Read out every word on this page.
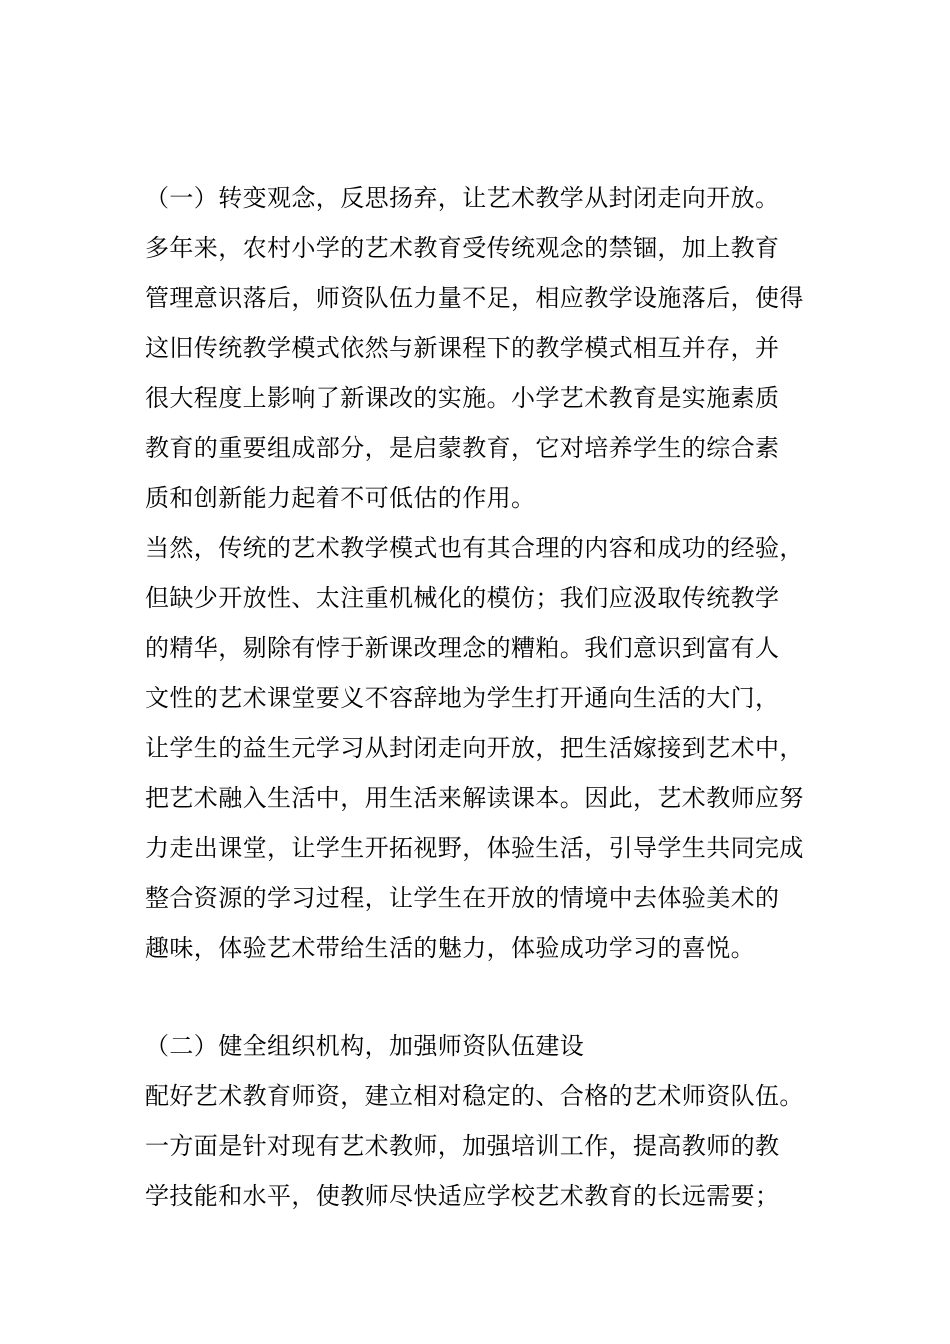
（一）转变观念，反思扬弃，让艺术教学从封闭走向开放。
多年来，农村小学的艺术教育受传统观念的禁锢，加上教育
管理意识落后，师资队伍力量不足，相应教学设施落后，使得
这旧传统教学模式依然与新课程下的教学模式相互并存，并
很大程度上影响了新课改的实施。小学艺术教育是实施素质
教育的重要组成部分，是启蒙教育，它对培养学生的综合素
质和创新能力起着不可低估的作用。
当然，传统的艺术教学模式也有其合理的内容和成功的经验，
但缺少开放性、太注重机械化的模仿；我们应汲取传统教学
的精华，剔除有悖于新课改理念的糟粕。我们意识到富有人
文性的艺术课堂要义不容辞地为学生打开通向生活的大门，
让学生的益生元学习从封闭走向开放，把生活嫁接到艺术中，
把艺术融入生活中，用生活来解读课本。因此，艺术教师应努
力走出课堂，让学生开拓视野，体验生活，引导学生共同完成
整合资源的学习过程，让学生在开放的情境中去体验美术的
趣味，体验艺术带给生活的魅力，体验成功学习的喜悦。
（二）健全组织机构，加强师资队伍建设
配好艺术教育师资，建立相对稳定的、合格的艺术师资队伍。
一方面是针对现有艺术教师，加强培训工作，提高教师的教
学技能和水平，使教师尽快适应学校艺术教育的长远需要；
